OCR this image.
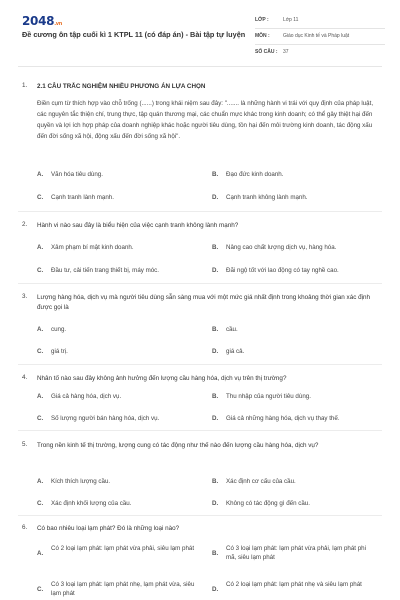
2048.vn
Đề cương ôn tập cuối kì 1 KTPL 11 (có đáp án) - Bài tập tự luyện
LỚP :	Lớp 11
MÔN :	Giáo dục Kinh tế và Pháp luật
SỐ CÂU : 37
1. 2.1 CÂU TRẮC NGHIỆM NHIỀU PHƯƠNG ÁN LỰA CHỌN
Điền cụm từ thích hợp vào chỗ trống (......) trong khái niệm sau đây: "....... là những hành vi trái với quy định của pháp luật, các nguyên tắc thiện chí, trung thực, tập quán thương mại, các chuẩn mực khác trong kinh doanh; có thể gây thiệt hại đến quyền và lợi ích hợp pháp của doanh nghiệp khác hoặc người tiêu dùng, tồn hại đến môi trường kinh doanh, tác động xấu đến đời sống xã hội, động xấu đến đời sống xã hội".
A. Văn hóa tiêu dùng.	B. Đạo đức kinh doanh.
C. Cạnh tranh lành mạnh.	D. Cạnh tranh không lành mạnh.
2. Hành vi nào sau đây là biểu hiện của việc cạnh tranh không lành mạnh?
A. Xâm phạm bí mật kinh doanh.	B. Nâng cao chất lượng dịch vụ, hàng hóa.
C. Đầu tư, cải tiến trang thiết bị, máy móc.	D. Đãi ngộ tốt với lao động có tay nghề cao.
3. Lượng hàng hóa, dịch vụ mà người tiêu dùng sẵn sàng mua với một mức giá nhất định trong khoảng thời gian xác định được gọi là
A. cung.	B. cầu.
C. giá trị.	D. giá cả.
4. Nhân tố nào sau đây không ảnh hưởng đến lượng cầu hàng hóa, dịch vụ trên thị trường?
A. Giá cả hàng hóa, dịch vụ.	B. Thu nhập của người tiêu dùng.
C. Số lượng người bán hàng hóa, dịch vụ.	D. Giá cả những hàng hóa, dịch vụ thay thế.
5. Trong nền kinh tế thị trường, lượng cung có tác động như thế nào đến lượng cầu hàng hóa, dịch vụ?
A. Kích thích lượng cầu.	B. Xác định cơ cấu của cầu.
C. Xác định khối lượng của cầu.	D. Không có tác động gì đến cầu.
6. Có bao nhiêu loại lạm phát? Đó là những loại nào?
A.
Có 2 loại lạm phát: lạm phát vừa phải, siêu lạm phát
B.
Có 3 loại lạm phát: lạm phát vừa phải, lạm phát phi mã, siêu lạm phát
C.
Có 3 loại lạm phát: lạm phát nhẹ, lạm phát vừa, siêu lạm phát
D.
Có 2 loại lạm phát: lạm phát nhẹ và siêu lạm phát
